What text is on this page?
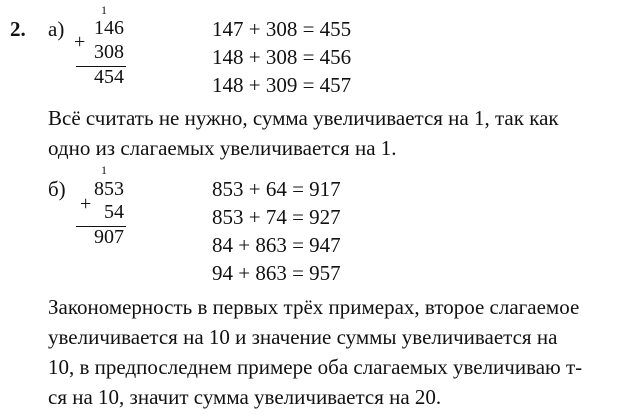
2. а)
1
146
+ 308
454
147 + 308 = 455
148 + 308 = 456
148 + 309 = 457
Всё считать не нужно, сумма увеличивается на 1, так как
одно из слагаемых увеличивается на 1.
б)
1
853
+ 54
907
853 + 64 = 917
853 + 74 = 927
84 + 863 = 947
94 + 863 = 957
Закономерность в первых трёх примерах, второе слагаемое
увеличивается на 10 и значение суммы увеличивается на
10, в предпоследнем примере оба слагаемых увеличиваю т-
ся на 10, значит сумма увеличивается на 20.
